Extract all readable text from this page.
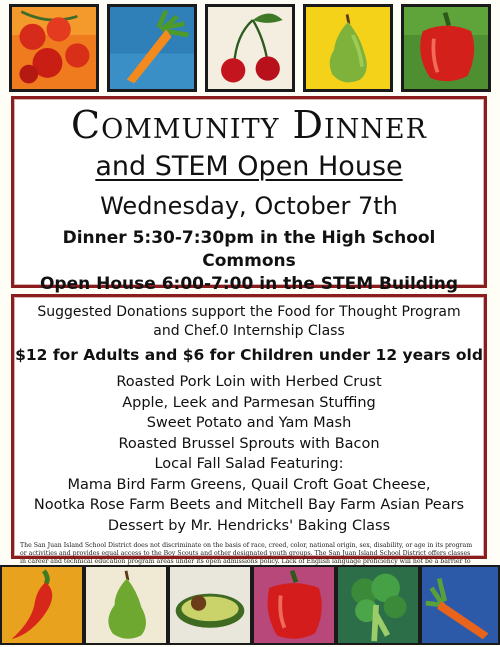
Community Dinner
and STEM Open House
Wednesday, October 7th
Dinner 5:30-7:30pm in the High School Commons
Open House 6:00-7:00 in the STEM Building
Suggested Donations support the Food for Thought Program
and Chef.0 Internship Class
$12 for Adults and $6 for Children under 12 years old
Roasted Pork Loin with Herbed Crust
Apple, Leek and Parmesan Stuffing
Sweet Potato and Yam Mash
Roasted Brussel Sprouts with Bacon
Local Fall Salad Featuring:
Mama Bird Farm Greens, Quail Croft Goat Cheese,
Nootka Rose Farm Beets and Mitchell Bay Farm Asian Pears
Dessert by Mr. Hendricks' Baking Class
The San Juan Island School District does not discriminate on the basis of race, creed, color, national origin, sex, disability, or age in its program or activities and provides equal access to the Boy Scouts and other designated youth groups. The San Juan Island School District offers classes in career and technical education program areas under its open admissions policy. Lack of English language proficiency will not be a barrier to technical
